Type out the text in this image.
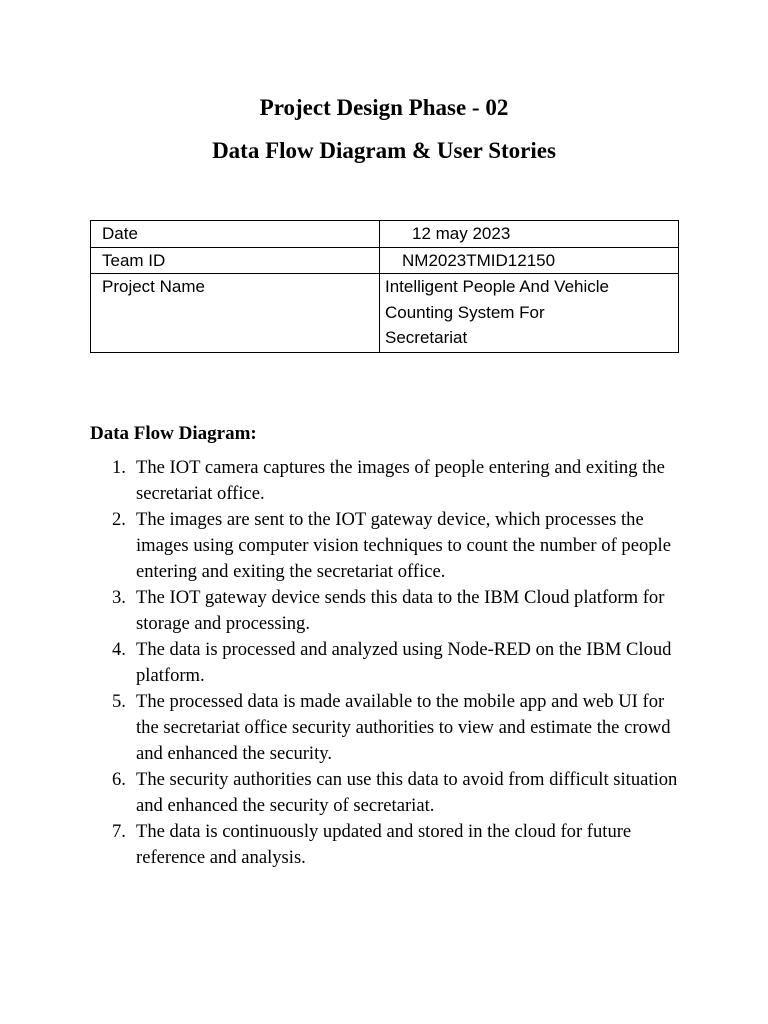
Project Design Phase - 02
Data Flow Diagram & User Stories
Date	12 may 2023
Team ID	NM2023TMID12150
Project Name	Intelligent People And Vehicle
Counting System For
Secretariat
Data Flow Diagram:
1. The IOT camera captures the images of people entering and exiting the secretariat office.
2. The images are sent to the IOT gateway device, which processes the images using computer vision techniques to count the number of people entering and exiting the secretariat office.
3. The IOT gateway device sends this data to the IBM Cloud platform for storage and processing.
4. The data is processed and analyzed using Node-RED on the IBM Cloud platform.
5. The processed data is made available to the mobile app and web UI for the secretariat office security authorities to view and estimate the crowd and enhanced the security.
6. The security authorities can use this data to avoid from difficult situation and enhanced the security of secretariat.
7. The data is continuously updated and stored in the cloud for future reference and analysis.
